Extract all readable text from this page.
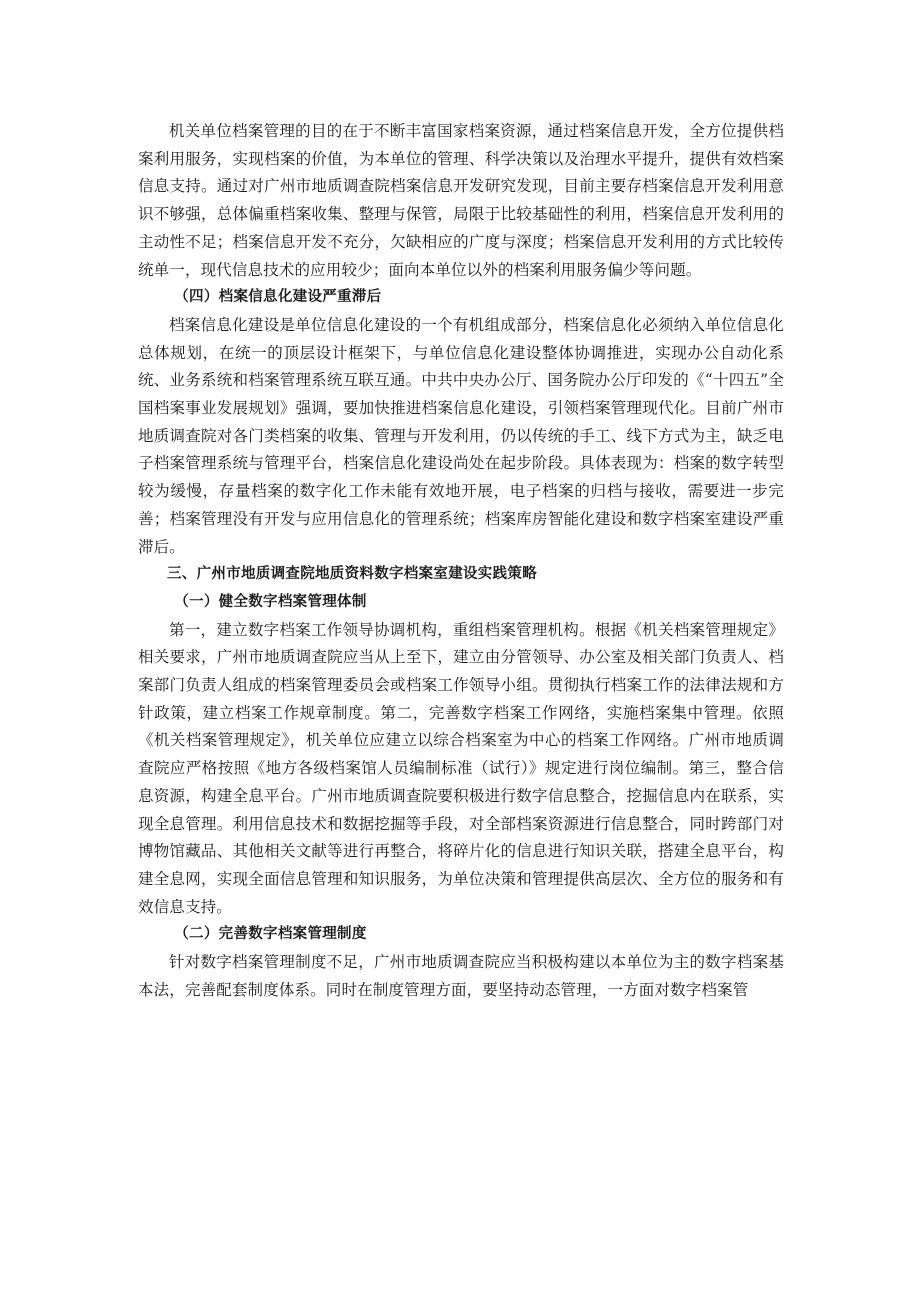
机关单位档案管理的目的在于不断丰富国家档案资源，通过档案信息开发，全方位提供档案利用服务，实现档案的价值，为本单位的管理、科学决策以及治理水平提升，提供有效档案信息支持。通过对广州市地质调查院档案信息开发研究发现，目前主要存档案信息开发利用意识不够强，总体偏重档案收集、整理与保管，局限于比较基础性的利用，档案信息开发利用的主动性不足；档案信息开发不充分，欠缺相应的广度与深度；档案信息开发利用的方式比较传统单一，现代信息技术的应用较少；面向本单位以外的档案利用服务偏少等问题。

（四）档案信息化建设严重滞后

档案信息化建设是单位信息化建设的一个有机组成部分，档案信息化必须纳入单位信息化总体规划，在统一的顶层设计框架下，与单位信息化建设整体协调推进，实现办公自动化系统、业务系统和档案管理系统互联互通。中共中央办公厅、国务院办公厅印发的《“十四五”全国档案事业发展规划》强调，要加快推进档案信息化建设，引领档案管理现代化。目前广州市地质调查院对各门类档案的收集、管理与开发利用，仍以传统的手工、线下方式为主，缺乏电子档案管理系统与管理平台，档案信息化建设尚处在起步阶段。具体表现为：档案的数字转型较为缓慢，存量档案的数字化工作未能有效地开展，电子档案的归档与接收，需要进一步完善；档案管理没有开发与应用信息化的管理系统；档案库房智能化建设和数字档案室建设严重滞后。

三、广州市地质调查院地质资料数字档案室建设实践策略

（一）健全数字档案管理体制

第一，建立数字档案工作领导协调机构，重组档案管理机构。根据《机关档案管理规定》相关要求，广州市地质调查院应当从上至下，建立由分管领导、办公室及相关部门负责人、档案部门负责人组成的档案管理委员会或档案工作领导小组。贯彻执行档案工作的法律法规和方针政策，建立档案工作规章制度。第二，完善数字档案工作网络，实施档案集中管理。依照《机关档案管理规定》，机关单位应建立以综合档案室为中心的档案工作网络。广州市地质调查院应严格按照《地方各级档案馆人员编制标准（试行）》规定进行岗位编制。第三，整合信息资源，构建全息平台。广州市地质调查院要积极进行数字信息整合，挖掘信息内在联系，实现全息管理。利用信息技术和数据挖掘等手段，对全部档案资源进行信息整合，同时跨部门对博物馆藏品、其他相关文献等进行再整合，将碎片化的信息进行知识关联，搭建全息平台，构建全息网，实现全面信息管理和知识服务，为单位决策和管理提供高层次、全方位的服务和有效信息支持。

（二）完善数字档案管理制度

针对数字档案管理制度不足，广州市地质调查院应当积极构建以本单位为主的数字档案基本法，完善配套制度体系。同时在制度管理方面，要坚持动态管理，一方面对数字档案管
